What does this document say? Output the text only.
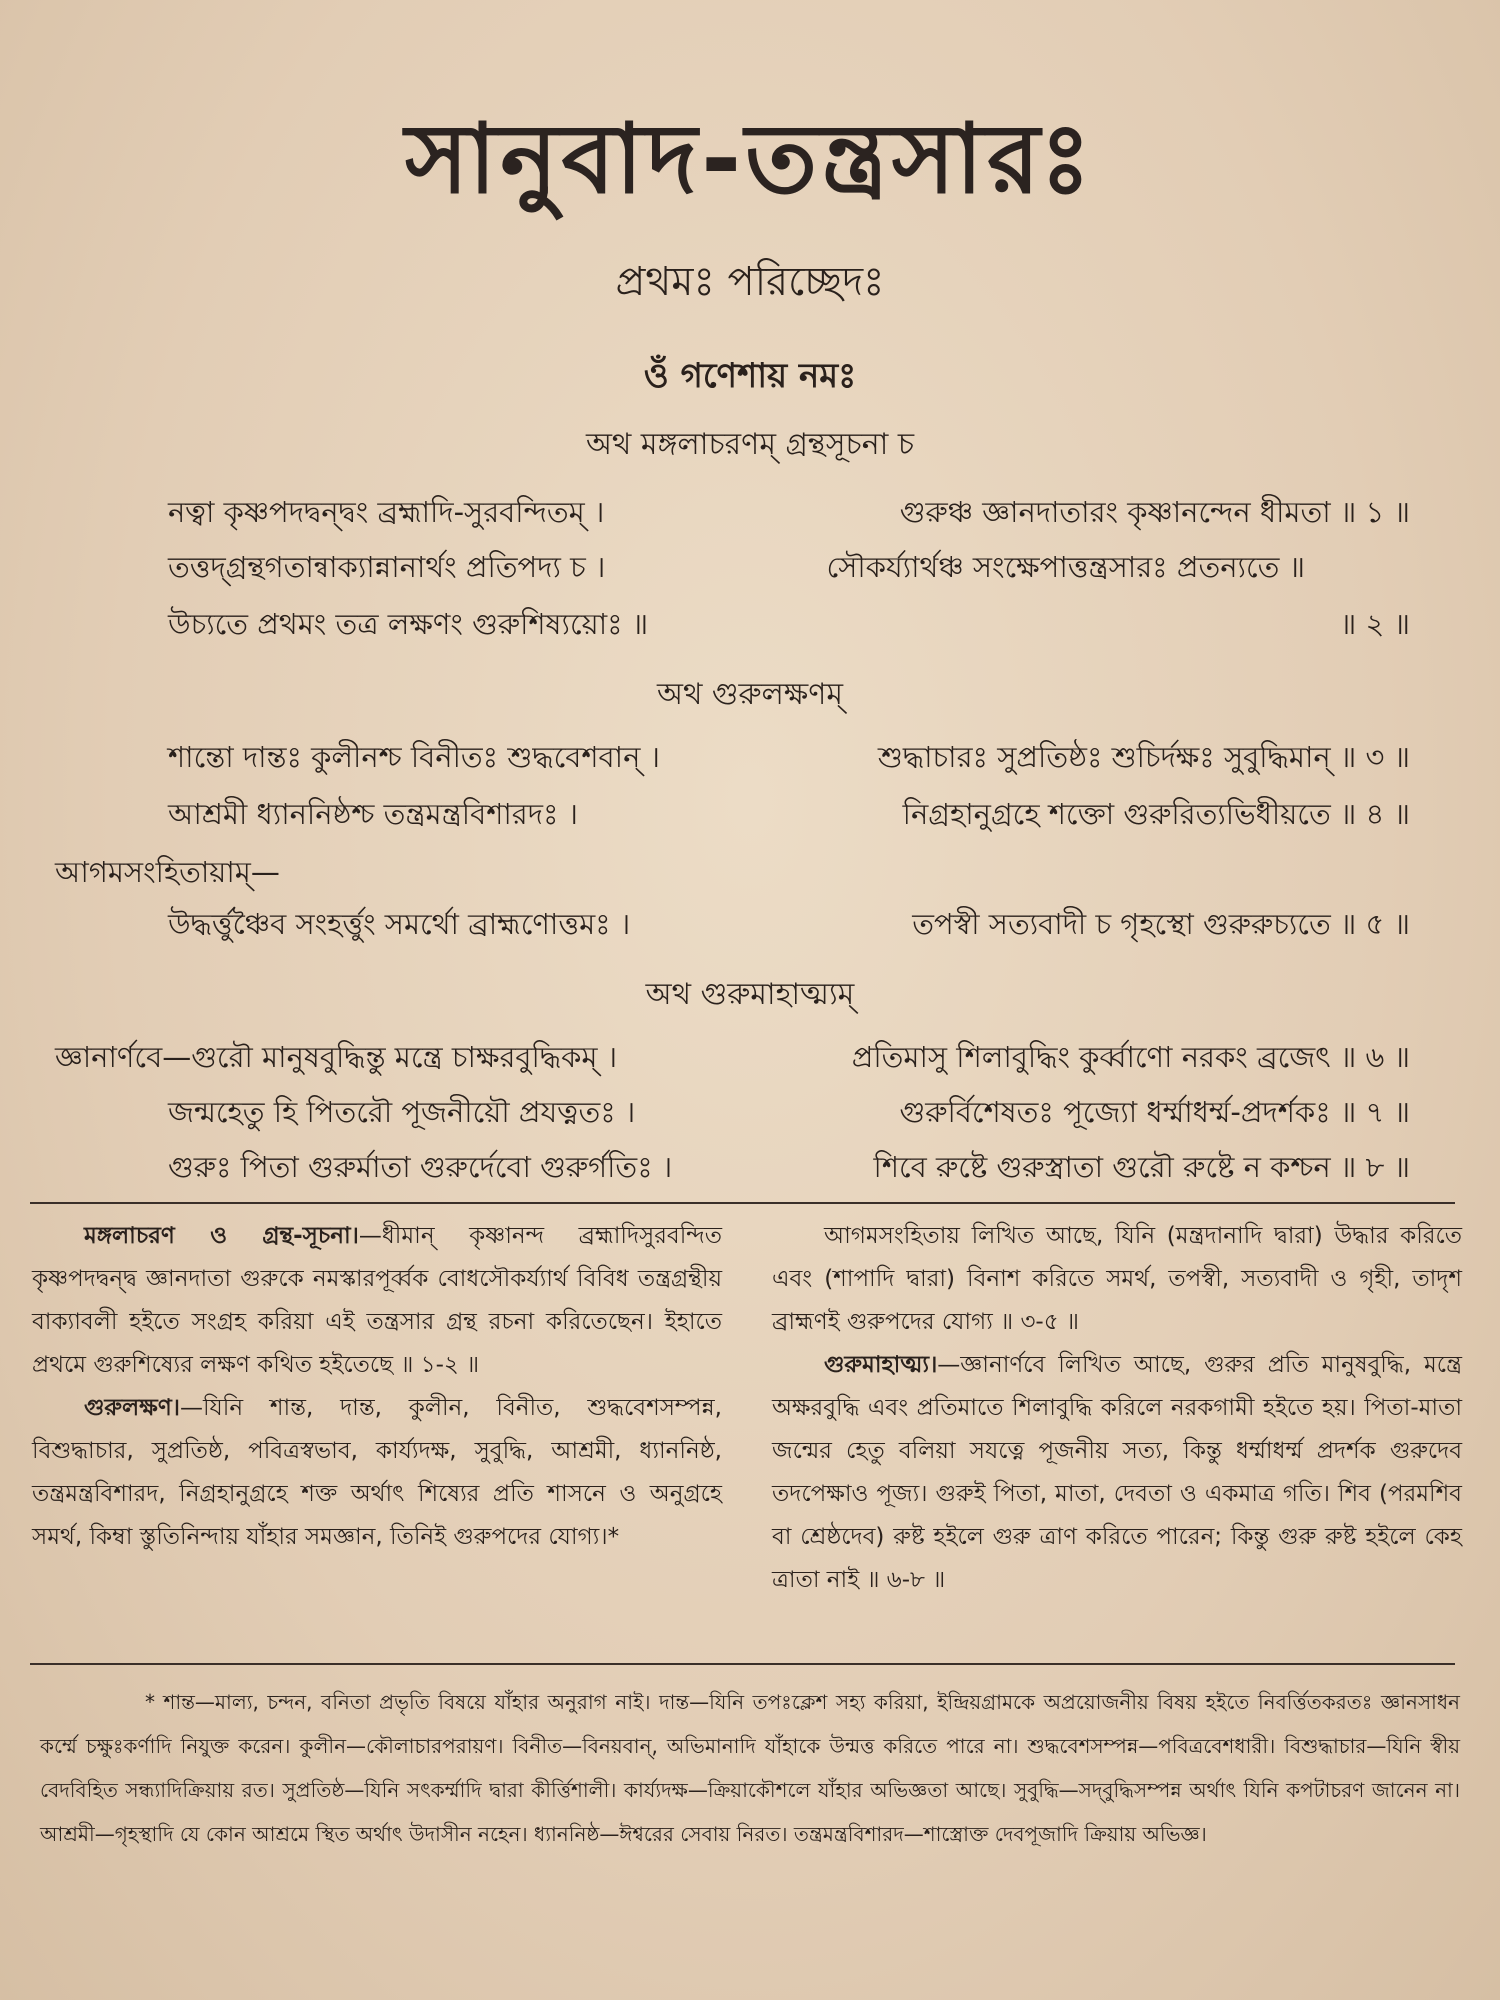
সানুবাদ-তন্ত্রসারঃ
প্রথমঃ পরিচ্ছেদঃ
ওঁ গণেশায় নমঃ
অথ মঙ্গলাচরণম্ গ্রন্থসূচনা চ
নত্বা কৃষ্ণপদদ্বন্দ্বং ব্রহ্মাদি-সুরবন্দিতম্ ।	গুরুঞ্চ জ্ঞানদাতারং কৃষ্ণানন্দেন ধীমতা ॥ ১ ॥
তত্তদ্‌গ্রন্থগতান্বাক্যান্নানার্থং প্রতিপদ্য চ ।	সৌকর্য্যার্থঞ্চ সংক্ষেপাত্তন্ত্রসারঃ প্রতন্যতে ॥
উচ্যতে প্রথমং তত্র লক্ষণং গুরুশিষ্যয়োঃ ॥	॥ ২ ॥
অথ গুরুলক্ষণম্
শান্তো দান্তঃ কুলীনশ্চ বিনীতঃ শুদ্ধবেশবান্ ।	শুদ্ধাচারঃ সুপ্রতিষ্ঠঃ শুচির্দক্ষঃ সুবুদ্ধিমান্ ॥ ৩ ॥
আশ্রমী ধ্যাননিষ্ঠশ্চ তন্ত্রমন্ত্রবিশারদঃ ।	নিগ্রহানুগ্রহে শক্তো গুরুরিত্যভিধীয়তে ॥ ৪ ॥
আগমসংহিতায়াম্—
উদ্ধর্ত্তুঞ্চৈব সংহর্ত্তুং সমর্থো ব্রাহ্মণোত্তমঃ ।	তপস্বী সত্যবাদী চ গৃহস্থো গুরুরুচ্যতে ॥ ৫ ॥
অথ গুরুমাহাত্ম্যম্
জ্ঞানার্ণবে—গুরৌ মানুষবুদ্ধিন্তু মন্ত্রে চাক্ষরবুদ্ধিকম্ ।	প্রতিমাসু শিলাবুদ্ধিং কুর্ব্বাণো নরকং ব্রজেৎ ॥ ৬ ॥
জন্মহেতু হি পিতরৌ পূজনীয়ৌ প্রযত্নতঃ ।	গুরুর্বিশেষতঃ পূজ্যো ধর্ম্মাধর্ম্ম-প্রদর্শকঃ ॥ ৭ ॥
গুরুঃ পিতা গুরুর্মাতা গুরুর্দেবো গুরুর্গতিঃ ।	শিবে রুষ্টে গুরুস্ত্রাতা গুরৌ রুষ্টে ন কশ্চন ॥ ৮ ॥

মঙ্গলাচরণ ও গ্রন্থ-সূচনা।—ধীমান্ কৃষ্ণানন্দ ব্রহ্মাদিসুরবন্দিত কৃষ্ণপদদ্বন্দ্ব জ্ঞানদাতা গুরুকে নমস্কারপূর্ব্বক বোধসৌকর্য্যার্থ বিবিধ তন্ত্রগ্রন্থীয় বাক্যাবলী হইতে সংগ্রহ করিয়া এই তন্ত্রসার গ্রন্থ রচনা করিতেছেন। ইহাতে প্রথমে গুরুশিষ্যের লক্ষণ কথিত হইতেছে ॥ ১-২ ॥

গুরুলক্ষণ।—যিনি শান্ত, দান্ত, কুলীন, বিনীত, শুদ্ধবেশসম্পন্ন, বিশুদ্ধাচার, সুপ্রতিষ্ঠ, পবিত্রস্বভাব, কার্য্যদক্ষ, সুবুদ্ধি, আশ্রমী, ধ্যাননিষ্ঠ, তন্ত্রমন্ত্রবিশারদ, নিগ্রহানুগ্রহে শক্ত অর্থাৎ শিষ্যের প্রতি শাসনে ও অনুগ্রহে সমর্থ, কিম্বা স্তুতিনিন্দায় যাঁহার সমজ্ঞান, তিনিই গুরুপদের যোগ্য।*

আগমসংহিতায় লিখিত আছে, যিনি (মন্ত্রদানাদি দ্বারা) উদ্ধার করিতে এবং (শাপাদি দ্বারা) বিনাশ করিতে সমর্থ, তপস্বী, সত্যবাদী ও গৃহী, তাদৃশ ব্রাহ্মণই গুরুপদের যোগ্য ॥ ৩-৫ ॥

গুরুমাহাত্ম্য।—জ্ঞানার্ণবে লিখিত আছে, গুরুর প্রতি মানুষবুদ্ধি, মন্ত্রে অক্ষরবুদ্ধি এবং প্রতিমাতে শিলাবুদ্ধি করিলে নরকগামী হইতে হয়। পিতা-মাতা জন্মের হেতু বলিয়া সযত্নে পূজনীয় সত্য, কিন্তু ধর্ম্মাধর্ম্ম প্রদর্শক গুরুদেব তদপেক্ষাও পূজ্য। গুরুই পিতা, মাতা, দেবতা ও একমাত্র গতি। শিব (পরমশিব বা শ্রেষ্ঠদেব) রুষ্ট হইলে গুরু ত্রাণ করিতে পারেন; কিন্তু গুরু রুষ্ট হইলে কেহ ত্রাতা নাই ॥ ৬-৮ ॥

* শান্ত—মাল্য, চন্দন, বনিতা প্রভৃতি বিষয়ে যাঁহার অনুরাগ নাই। দান্ত—যিনি তপঃক্লেশ সহ্য করিয়া, ইন্দ্রিয়গ্রামকে অপ্রয়োজনীয় বিষয় হইতে নিবর্ত্তিতকরতঃ জ্ঞানসাধন কর্ম্মে চক্ষুঃকর্ণাদি নিযুক্ত করেন। কুলীন—কৌলাচারপরায়ণ। বিনীত—বিনয়বান্, অভিমানাদি যাঁহাকে উন্মত্ত করিতে পারে না। শুদ্ধবেশসম্পন্ন—পবিত্রবেশধারী। বিশুদ্ধাচার—যিনি স্বীয় বেদবিহিত সন্ধ্যাদিক্রিয়ায় রত। সুপ্রতিষ্ঠ—যিনি সৎকর্ম্মাদি দ্বারা কীর্ত্তিশালী। কার্য্যদক্ষ—ক্রিয়াকৌশলে যাঁহার অভিজ্ঞতা আছে। সুবুদ্ধি—সদ্‌বুদ্ধিসম্পন্ন অর্থাৎ যিনি কপটাচরণ জানেন না। আশ্রমী—গৃহস্থাদি যে কোন আশ্রমে স্থিত অর্থাৎ উদাসীন নহেন। ধ্যাননিষ্ঠ—ঈশ্বরের সেবায় নিরত। তন্ত্রমন্ত্রবিশারদ—শাস্ত্রোক্ত দেবপূজাদি ক্রিয়ায় অভিজ্ঞ।
